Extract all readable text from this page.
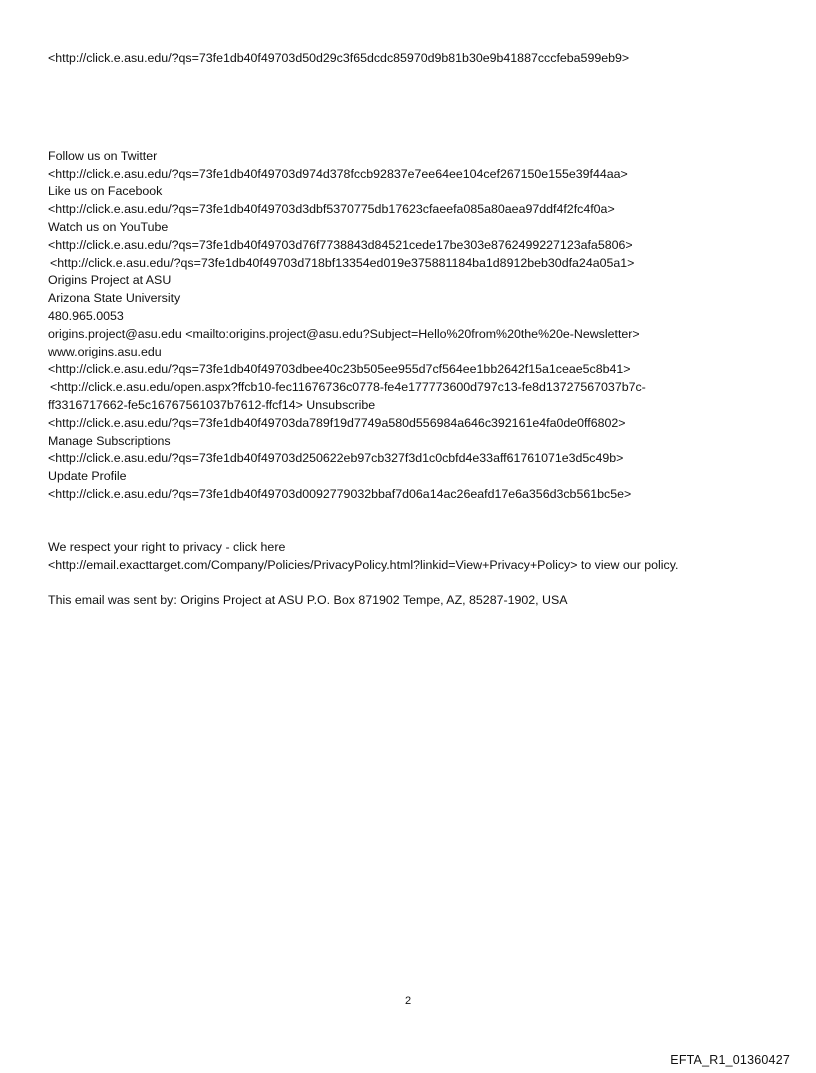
<http://click.e.asu.edu/?qs=73fe1db40f49703d50d29c3f65dcdc85970d9b81b30e9b41887cccfeba599eb9>
Follow us on Twitter
<http://click.e.asu.edu/?qs=73fe1db40f49703d974d378fccb92837e7ee64ee104cef267150e155e39f44aa>
Like us on Facebook
<http://click.e.asu.edu/?qs=73fe1db40f49703d3dbf5370775db17623cfaeefa085a80aea97ddf4f2fc4f0a>
Watch us on YouTube
<http://click.e.asu.edu/?qs=73fe1db40f49703d76f7738843d84521cede17be303e8762499227123afa5806>
<http://click.e.asu.edu/?qs=73fe1db40f49703d718bf13354ed019e375881184ba1d8912beb30dfa24a05a1>
Origins Project at ASU
Arizona State University
480.965.0053
origins.project@asu.edu <mailto:origins.project@asu.edu?Subject=Hello%20from%20the%20e-Newsletter>
www.origins.asu.edu
<http://click.e.asu.edu/?qs=73fe1db40f49703dbee40c23b505ee955d7cf564ee1bb2642f15a1ceae5c8b41>
<http://click.e.asu.edu/open.aspx?ffcb10-fec11676736c0778-fe4e177773600d797c13-fe8d13727567037b7c-
ff3316717662-fe5c16767561037b7612-ffcf14> Unsubscribe
<http://click.e.asu.edu/?qs=73fe1db40f49703da789f19d7749a580d556984a646c392161e4fa0de0ff6802>
Manage Subscriptions
<http://click.e.asu.edu/?qs=73fe1db40f49703d250622eb97cb327f3d1c0cbfd4e33aff61761071e3d5c49b>
Update Profile
<http://click.e.asu.edu/?qs=73fe1db40f49703d0092779032bbaf7d06a14ac26eafd17e6a356d3cb561bc5e>
We respect your right to privacy - click here
<http://email.exacttarget.com/Company/Policies/PrivacyPolicy.html?linkid=View+Privacy+Policy> to view our policy.
This email was sent by: Origins Project at ASU P.O. Box 871902 Tempe, AZ, 85287-1902, USA
2
EFTA_R1_01360427
